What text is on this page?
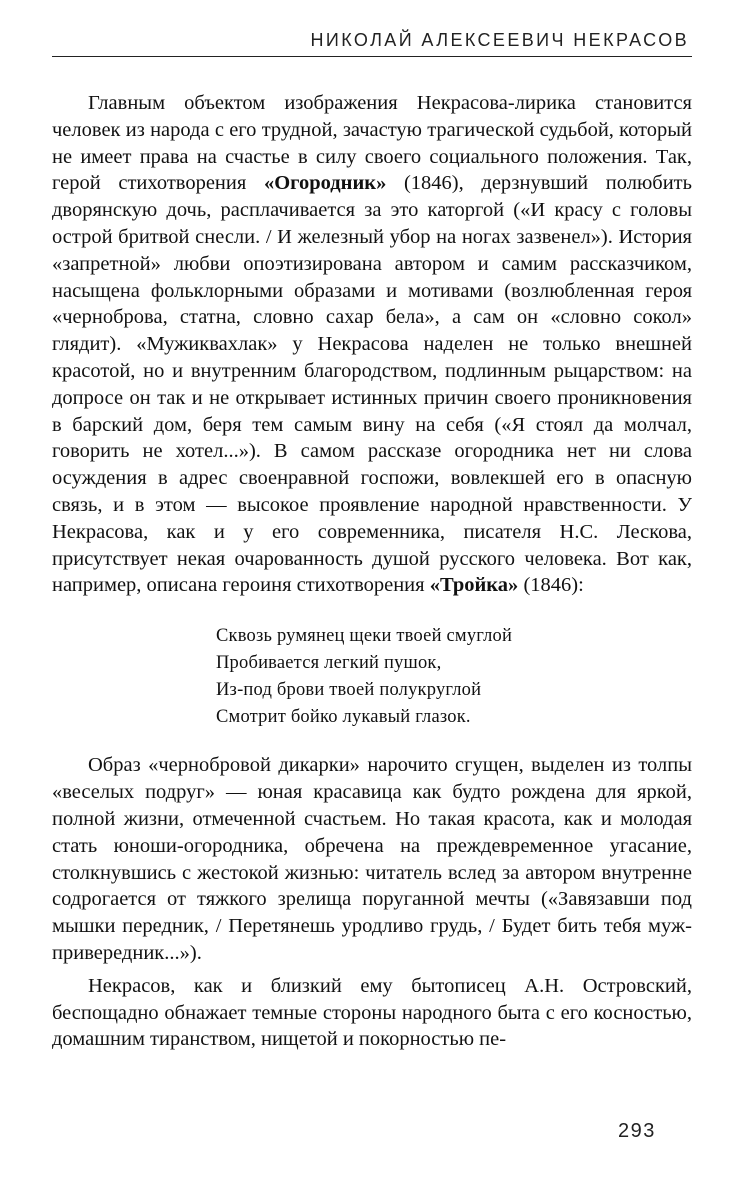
НИКОЛАЙ АЛЕКСЕЕВИЧ НЕКРАСОВ

Главным объектом изображения Некрасова-лирика становится человек из народа с его трудной, зачастую трагической судьбой, который не имеет права на счастье в силу своего социального положения. Так, герой стихотворения «Огородник» (1846), дерзнувший полюбить дворянскую дочь, расплачивается за это каторгой («И красу с головы острой бритвой снесли. / И железный убор на ногах зазвенел»). История «запретной» любви опоэтизирована автором и самим рассказчиком, насыщена фольклорными образами и мотивами (возлюбленная героя «черноброва, статна, словно сахар бела», а сам он «словно сокол» глядит). «Мужиквахлак» у Некрасова наделен не только внешней красотой, но и внутренним благородством, подлинным рыцарством: на допросе он так и не открывает истинных причин своего проникновения в барский дом, беря тем самым вину на себя («Я стоял да молчал, говорить не хотел...»). В самом рассказе огородника нет ни слова осуждения в адрес своенравной госпожи, вовлекшей его в опасную связь, и в этом — высокое проявление народной нравственности. У Некрасова, как и у его современника, писателя Н.С. Лескова, присутствует некая очарованность душой русского человека. Вот как, например, описана героиня стихотворения «Тройка» (1846):

Сквозь румянец щеки твоей смуглой
Пробивается легкий пушок,
Из-под брови твоей полукруглой
Смотрит бойко лукавый глазок.

Образ «чернобровой дикарки» нарочито сгущен, выделен из толпы «веселых подруг» — юная красавица как будто рождена для яркой, полной жизни, отмеченной счастьем. Но такая красота, как и молодая стать юноши-огородника, обречена на преждевременное угасание, столкнувшись с жестокой жизнью: читатель вслед за автором внутренне содрогается от тяжкого зрелища поруганной мечты («Завязавши под мышки передник, / Перетянешь уродливо грудь, / Будет бить тебя муж-привередник...»).

Некрасов, как и близкий ему бытописец А.Н. Островский, беспощадно обнажает темные стороны народного быта с его косностью, домашним тиранством, нищетой и покорностью пе-

293
